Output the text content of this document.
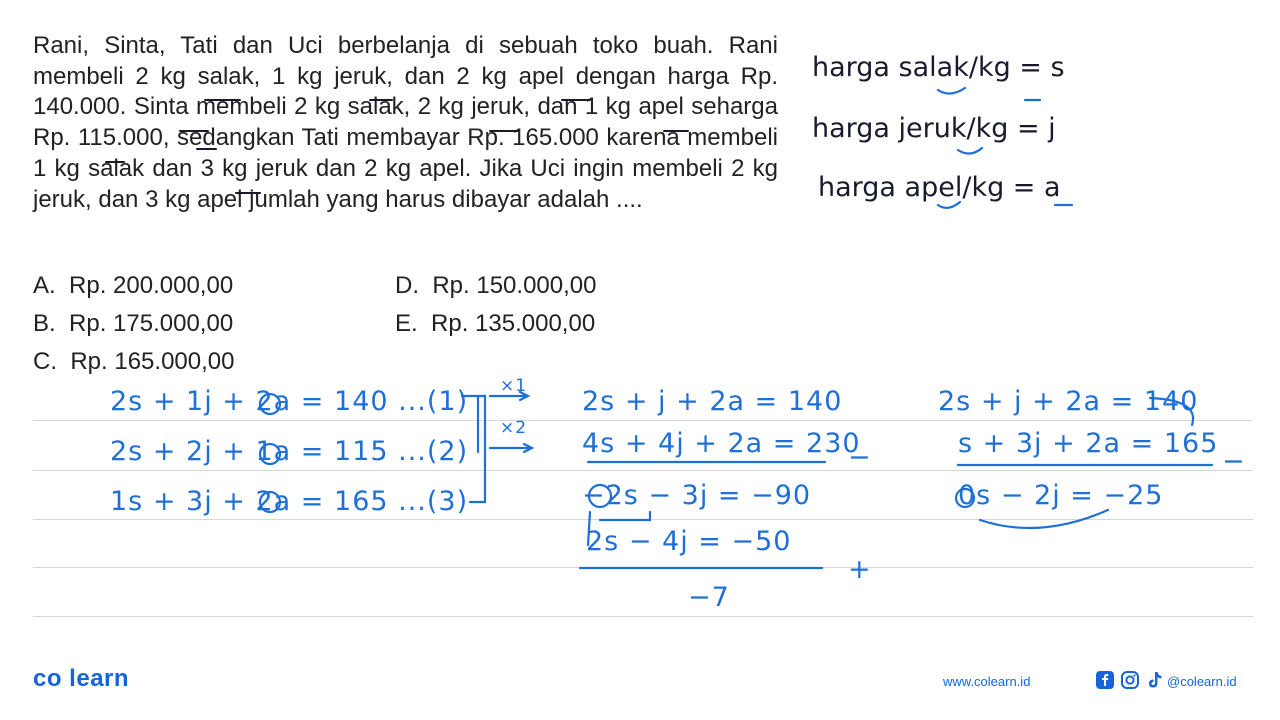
Rani, Sinta, Tati dan Uci berbelanja di sebuah toko buah. Rani membeli 2 kg salak, 1 kg jeruk, dan 2 kg apel dengan harga Rp. 140.000. Sinta membeli 2 kg salak, 2 kg jeruk, dan 1 kg apel seharga Rp. 115.000, sedangkan Tati membayar Rp. 165.000 karena membeli 1 kg salak dan 3 kg jeruk dan 2 kg apel. Jika Uci ingin membeli 2 kg jeruk, dan 3 kg apel jumlah yang harus dibayar adalah ....

A. Rp. 200.000,00	D. Rp. 150.000,00
B. Rp. 175.000,00	E. Rp. 135.000,00
C. Rp. 165.000,00
harga salak/kg = s
harga jeruk/kg = j
harga apel/kg = a
2s + 1j + 2a = 140 ...(1)
2s + 2j + 1a = 115 ...(2)
1s + 3j + 2a = 165 ...(3)
×1
×2
2s + j + 2a = 140
4s + 4j + 2a = 230
−
−2s − 3j = −90
2s − 4j = −50
+
−7
2s + j + 2a = 140
s + 3j + 2a = 165
−
0s − 2j = −25
co learn	www.colearn.id	@colearn.id
